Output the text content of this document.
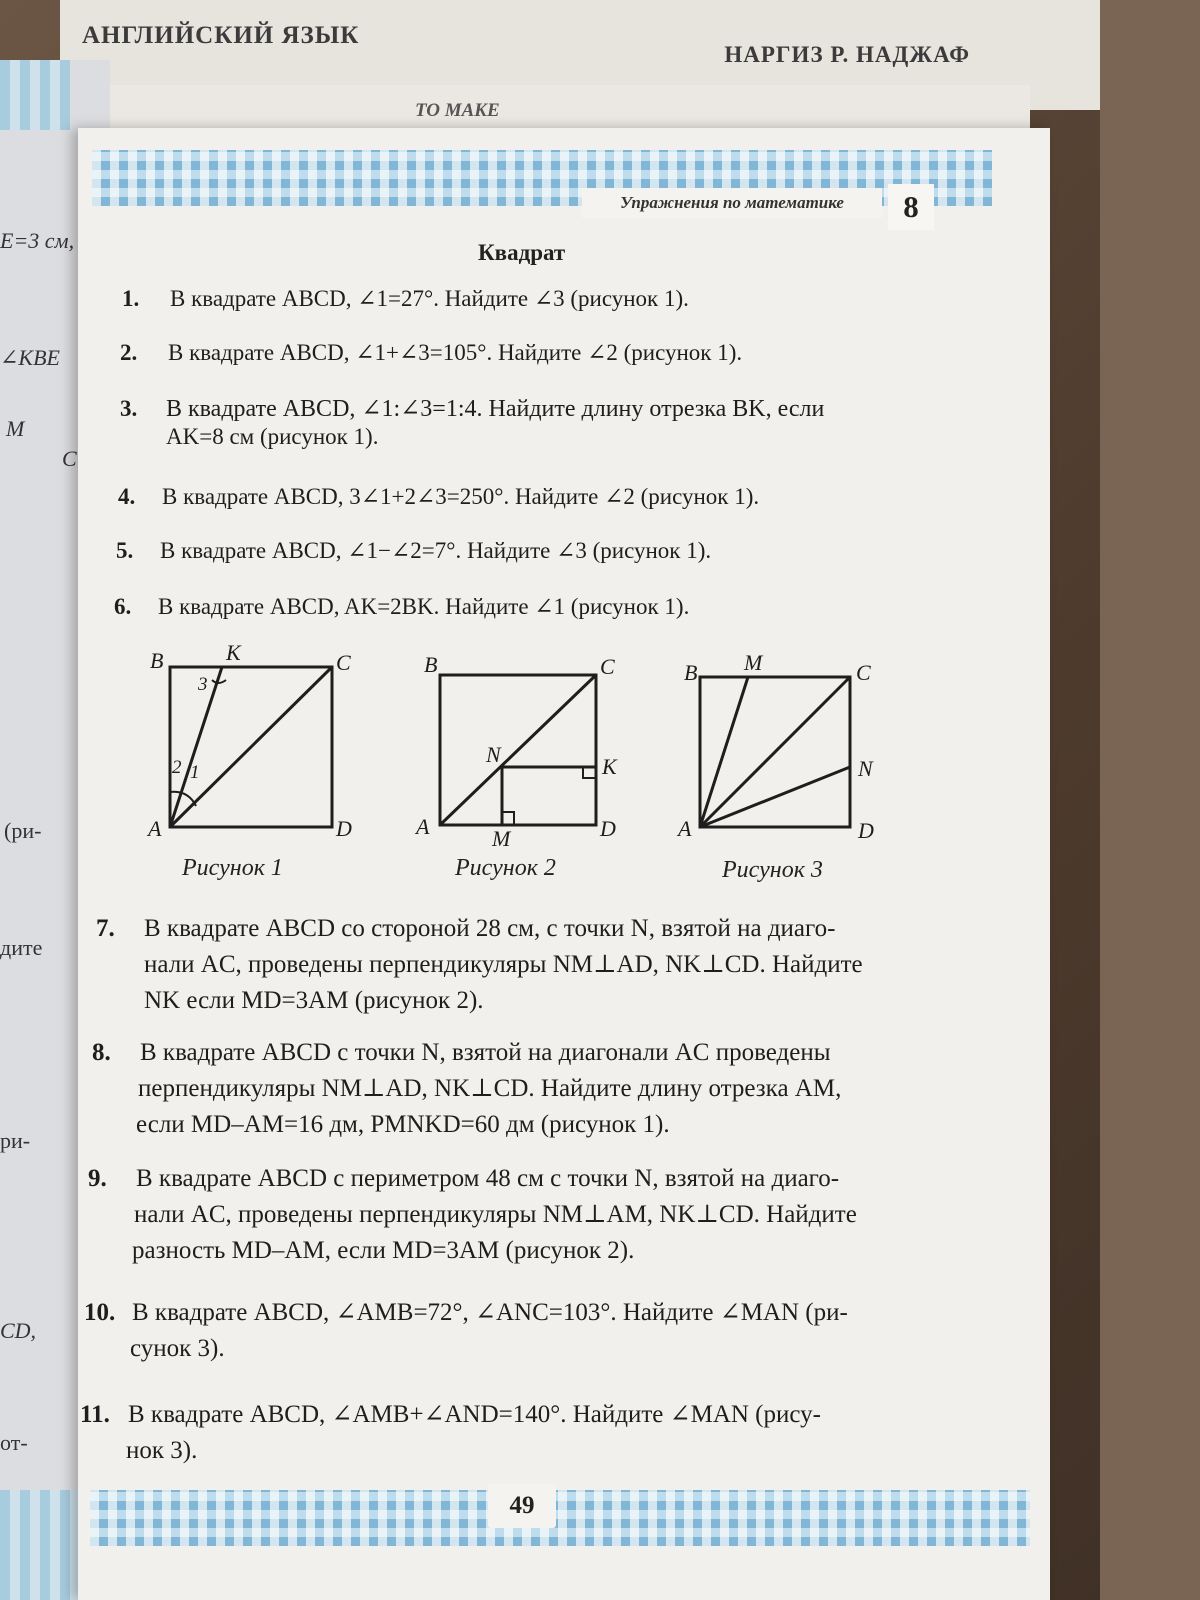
АНГЛИЙСКИЙ ЯЗЫК
НАРГИЗ Р. НАДЖАФ
TO MAKE
E=3 см,
∠KBE
M
C
(ри-
дите
ри-
CD,
от-
Упражнения по математике	8
Квадрат
1. В квадрате ABCD, ∠1=27°. Найдите ∠3 (рисунок 1).
2. В квадрате ABCD, ∠1+∠3=105°. Найдите ∠2 (рисунок 1).
3. В квадрате ABCD, ∠1:∠3=1:4. Найдите длину отрезка BK, если
AK=8 см (рисунок 1).
4. В квадрате ABCD, 3∠1+2∠3=250°. Найдите ∠2 (рисунок 1).
5. В квадрате ABCD, ∠1−∠2=7°. Найдите ∠3 (рисунок 1).
6. В квадрате ABCD, AK=2BK. Найдите ∠1 (рисунок 1).
B	K	C
A	D
3
2 1
B	C
N	K
A	M	D
B M	C
N
A	D
Рисунок 1	Рисунок 2	Рисунок 3
7. В квадрате ABCD со стороной 28 см, с точки N, взятой на диаго-
нали AC, проведены перпендикуляры NM⊥AD, NK⊥CD. Найдите
NK если MD=3AM (рисунок 2).
8. В квадрате ABCD с точки N, взятой на диагонали AC проведены
перпендикуляры NM⊥AD, NK⊥CD. Найдите длину отрезка AM,
если MD–AM=16 дм, PMNKD=60 дм (рисунок 1).
9. В квадрате ABCD с периметром 48 см с точки N, взятой на диаго-
нали AC, проведены перпендикуляры NM⊥AM, NK⊥CD. Найдите
разность MD–AM, если MD=3AM (рисунок 2).
10. В квадрате ABCD, ∠AMB=72°, ∠ANC=103°. Найдите ∠MAN (ри-
сунок 3).
11. В квадрате ABCD, ∠AMB+∠AND=140°. Найдите ∠MAN (рису-
нок 3).
49
